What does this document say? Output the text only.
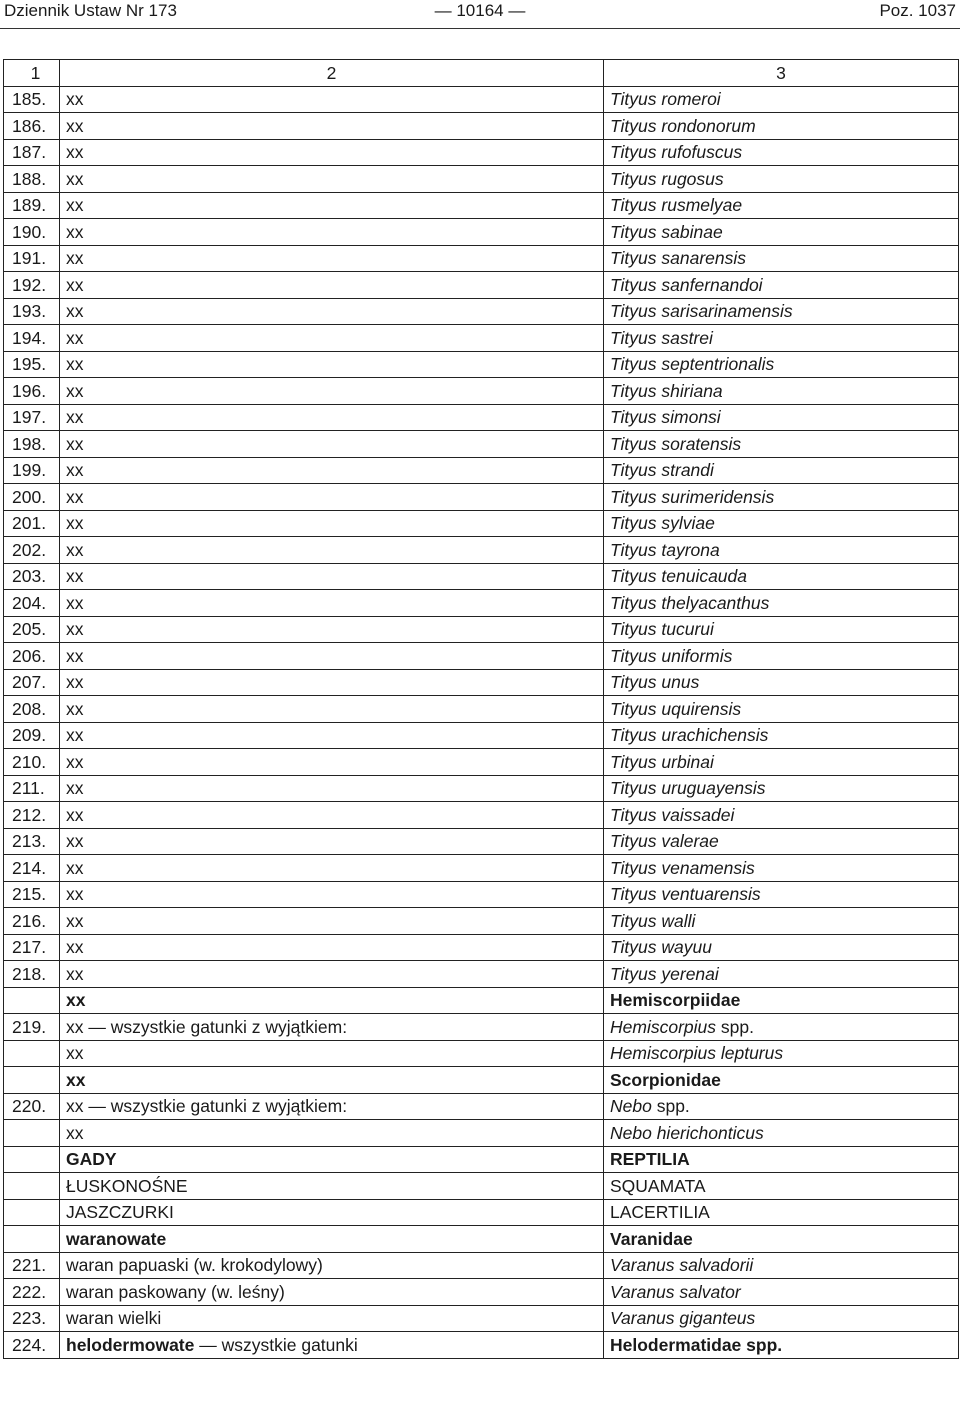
Dziennik Ustaw Nr 173	— 10164 —	Poz. 1037
1	2	3
185.	xx	Tityus romeroi
186.	xx	Tityus rondonorum
187.	xx	Tityus rufofuscus
188.	xx	Tityus rugosus
189.	xx	Tityus rusmelyae
190.	xx	Tityus sabinae
191.	xx	Tityus sanarensis
192.	xx	Tityus sanfernandoi
193.	xx	Tityus sarisarinamensis
194.	xx	Tityus sastrei
195.	xx	Tityus septentrionalis
196.	xx	Tityus shiriana
197.	xx	Tityus simonsi
198.	xx	Tityus soratensis
199.	xx	Tityus strandi
200.	xx	Tityus surimeridensis
201.	xx	Tityus sylviae
202.	xx	Tityus tayrona
203.	xx	Tityus tenuicauda
204.	xx	Tityus thelyacanthus
205.	xx	Tityus tucurui
206.	xx	Tityus uniformis
207.	xx	Tityus unus
208.	xx	Tityus uquirensis
209.	xx	Tityus urachichensis
210.	xx	Tityus urbinai
211.	xx	Tityus uruguayensis
212.	xx	Tityus vaissadei
213.	xx	Tityus valerae
214.	xx	Tityus venamensis
215.	xx	Tityus ventuarensis
216.	xx	Tityus walli
217.	xx	Tityus wayuu
218.	xx	Tityus yerenai
	xx	Hemiscorpiidae
219.	xx — wszystkie gatunki z wyjątkiem:	Hemiscorpius spp.
	xx	Hemiscorpius lepturus
	xx	Scorpionidae
220.	xx — wszystkie gatunki z wyjątkiem:	Nebo spp.
	xx	Nebo hierichonticus
	GADY	REPTILIA
	ŁUSKONOŚNE	SQUAMATA
	JASZCZURKI	LACERTILIA
	waranowate	Varanidae
221.	waran papuaski (w. krokodylowy)	Varanus salvadorii
222.	waran paskowany (w. leśny)	Varanus salvator
223.	waran wielki	Varanus giganteus
224.	helodermowate — wszystkie gatunki	Helodermatidae spp.
